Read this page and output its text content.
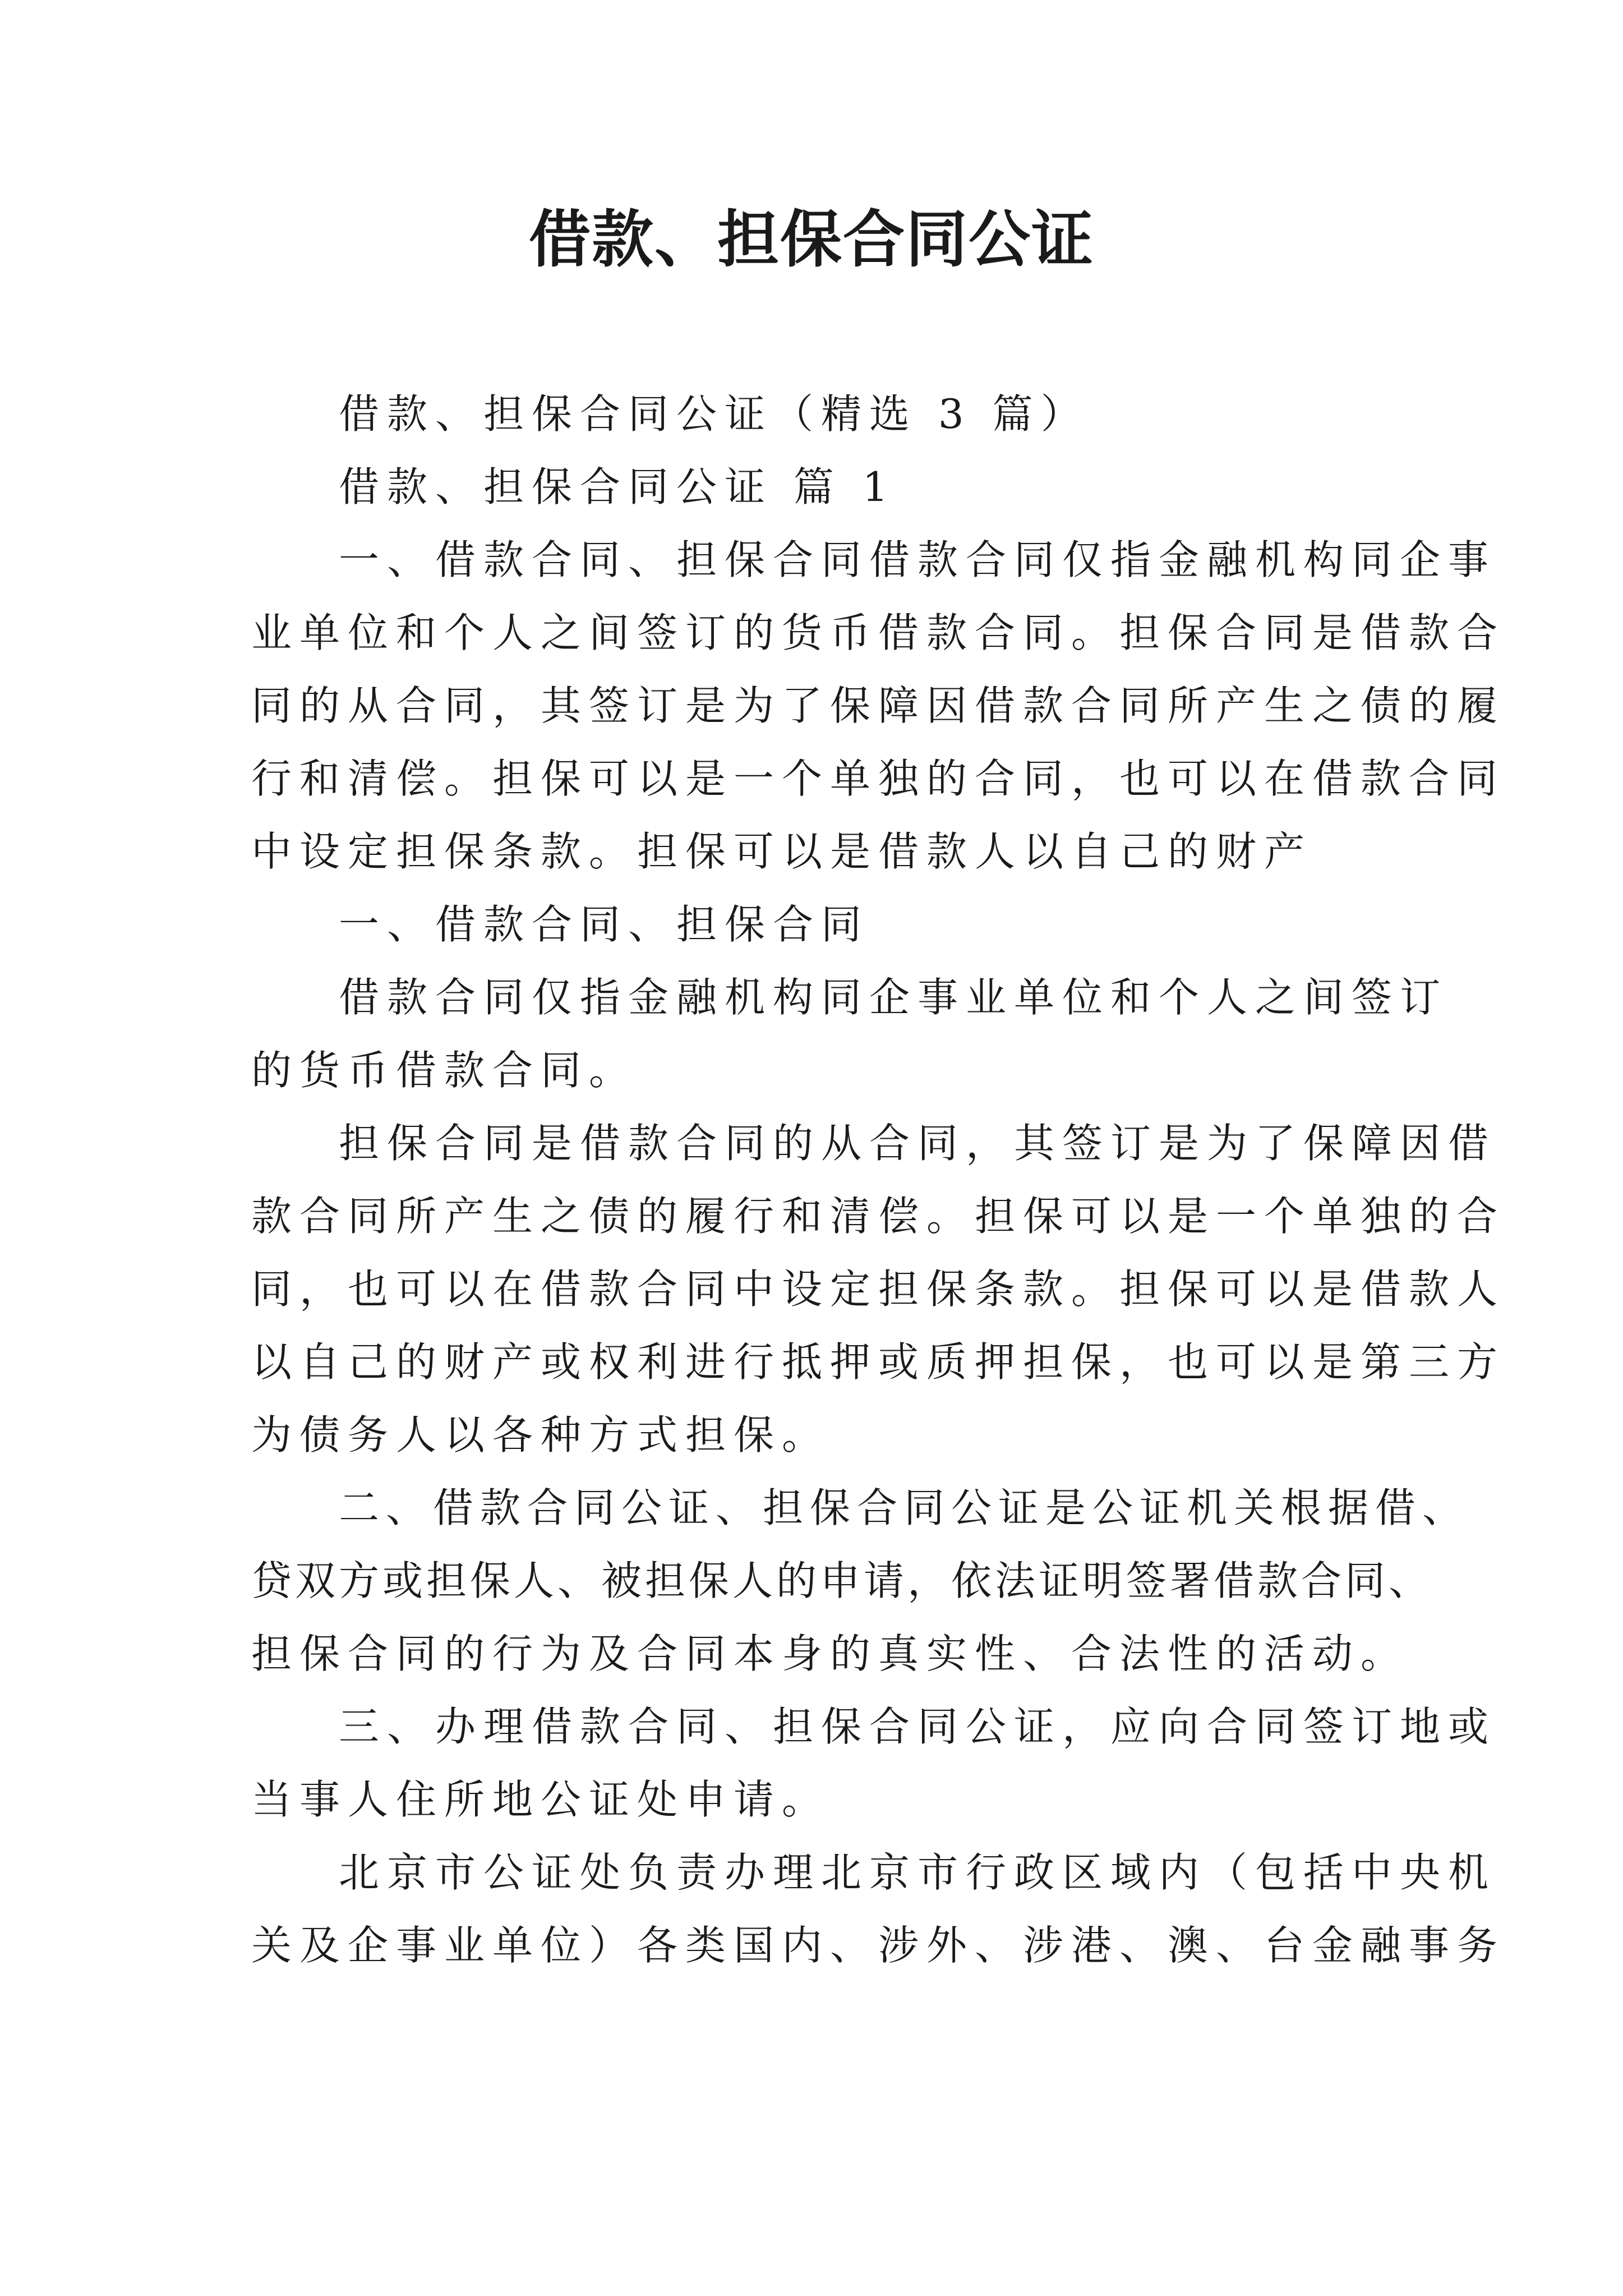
借款、担保合同公证
借款、担保合同公证（精选 3 篇）
借款、担保合同公证 篇 1
一、借款合同、担保合同借款合同仅指金融机构同企事
业单位和个人之间签订的货币借款合同。担保合同是借款合
同的从合同，其签订是为了保障因借款合同所产生之债的履
行和清偿。担保可以是一个单独的合同，也可以在借款合同
中设定担保条款。担保可以是借款人以自己的财产
一、借款合同、担保合同
借款合同仅指金融机构同企事业单位和个人之间签订
的货币借款合同。
担保合同是借款合同的从合同，其签订是为了保障因借
款合同所产生之债的履行和清偿。担保可以是一个单独的合
同，也可以在借款合同中设定担保条款。担保可以是借款人
以自己的财产或权利进行抵押或质押担保，也可以是第三方
为债务人以各种方式担保。
二、借款合同公证、担保合同公证是公证机关根据借、
贷双方或担保人、被担保人的申请，依法证明签署借款合同、
担保合同的行为及合同本身的真实性、合法性的活动。
三、办理借款合同、担保合同公证，应向合同签订地或
当事人住所地公证处申请。
北京市公证处负责办理北京市行政区域内（包括中央机
关及企事业单位）各类国内、涉外、涉港、澳、台金融事务
